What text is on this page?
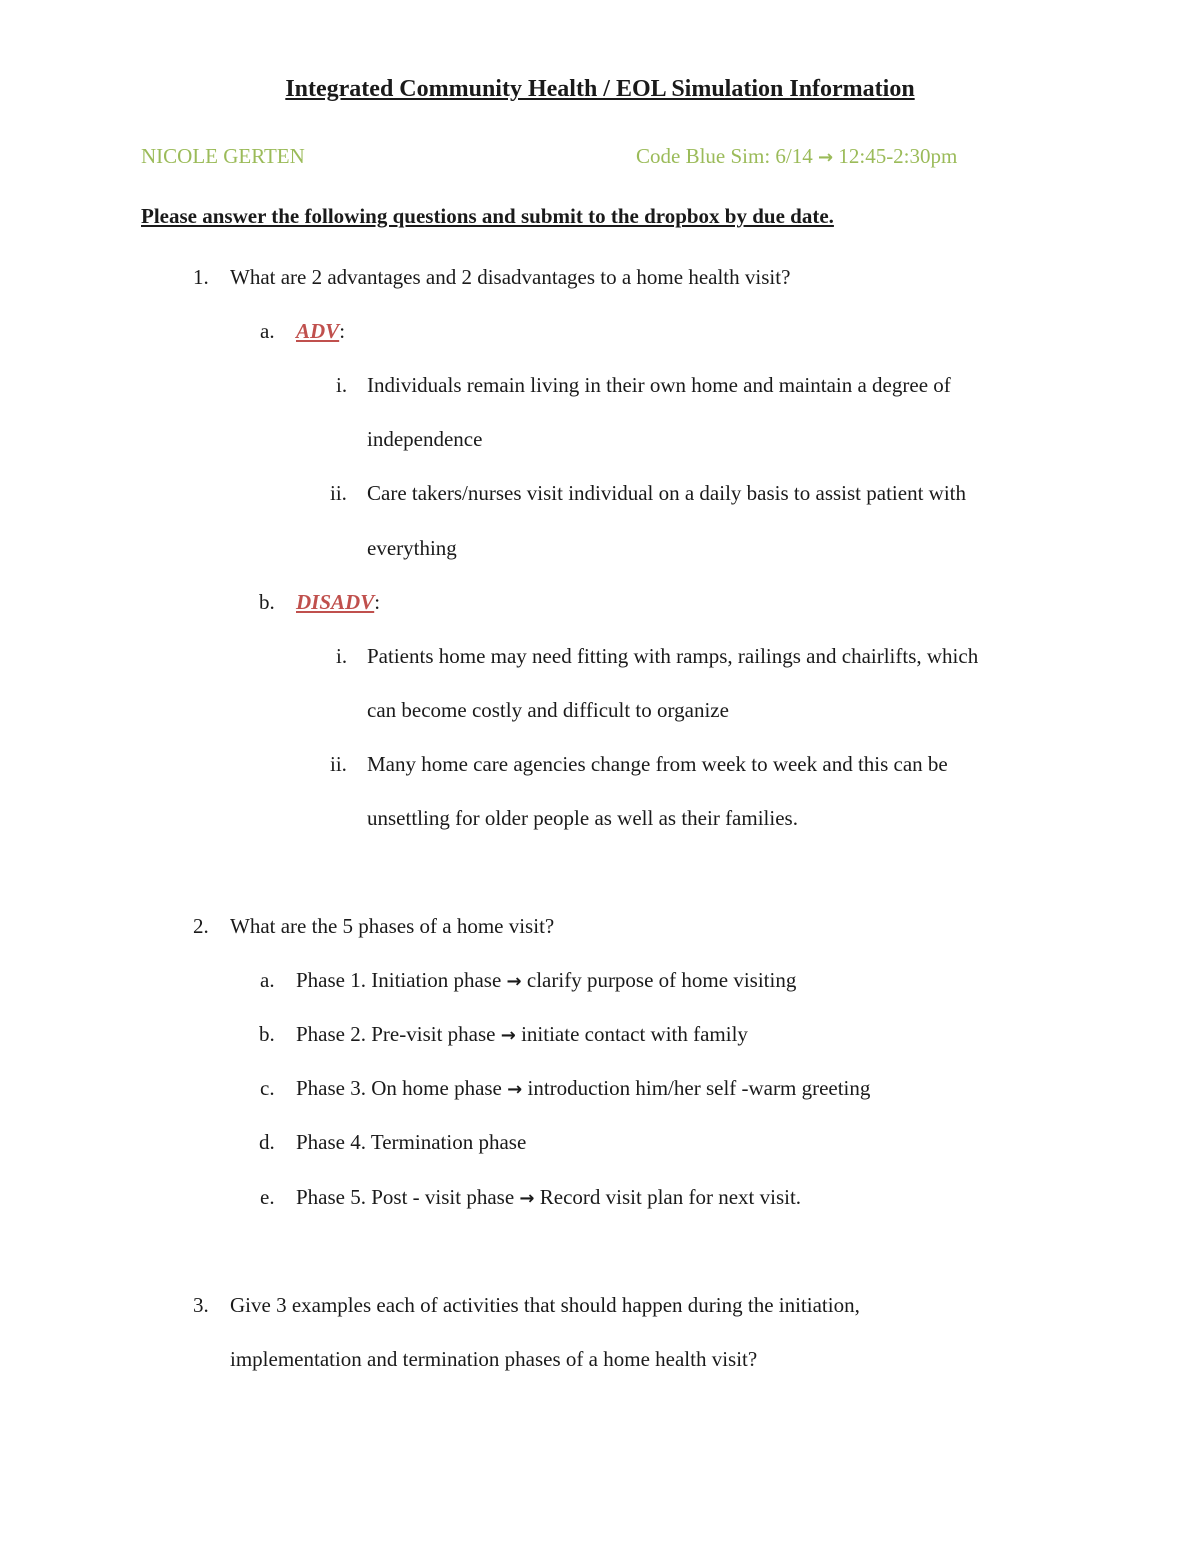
Integrated Community Health / EOL Simulation Information
NICOLE GERTEN	Code Blue Sim: 6/14 → 12:45-2:30pm
Please answer the following questions and submit to the dropbox by due date.
1. What are 2 advantages and 2 disadvantages to a home health visit?
a. ADV:
i. Individuals remain living in their own home and maintain a degree of
independence
ii. Care takers/nurses visit individual on a daily basis to assist patient with
everything
b. DISADV:
i. Patients home may need fitting with ramps, railings and chairlifts, which
can become costly and difficult to organize
ii. Many home care agencies change from week to week and this can be
unsettling for older people as well as their families.
2. What are the 5 phases of a home visit?
a. Phase 1. Initiation phase → clarify purpose of home visiting
b. Phase 2. Pre-visit phase → initiate contact with family
c. Phase 3. On home phase → introduction him/her self -warm greeting
d. Phase 4. Termination phase
e. Phase 5. Post - visit phase → Record visit plan for next visit.
3. Give 3 examples each of activities that should happen during the initiation,
implementation and termination phases of a home health visit?
